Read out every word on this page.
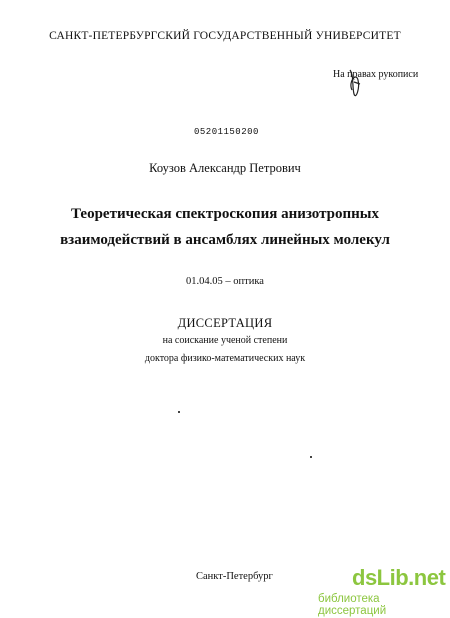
САНКТ-ПЕТЕРБУРГСКИЙ ГОСУДАРСТВЕННЫЙ УНИВЕРСИТЕТ
На правах рукописи
05201150200
Коузов Александр Петрович
Теоретическая спектроскопия анизотропных
взаимодействий в ансамблях линейных молекул
01.04.05 – оптика
ДИССЕРТАЦИЯ
на соискание ученой степени
доктора физико-математических наук
Санкт-Петербург	dsLib.net
библиотека диссертаций
